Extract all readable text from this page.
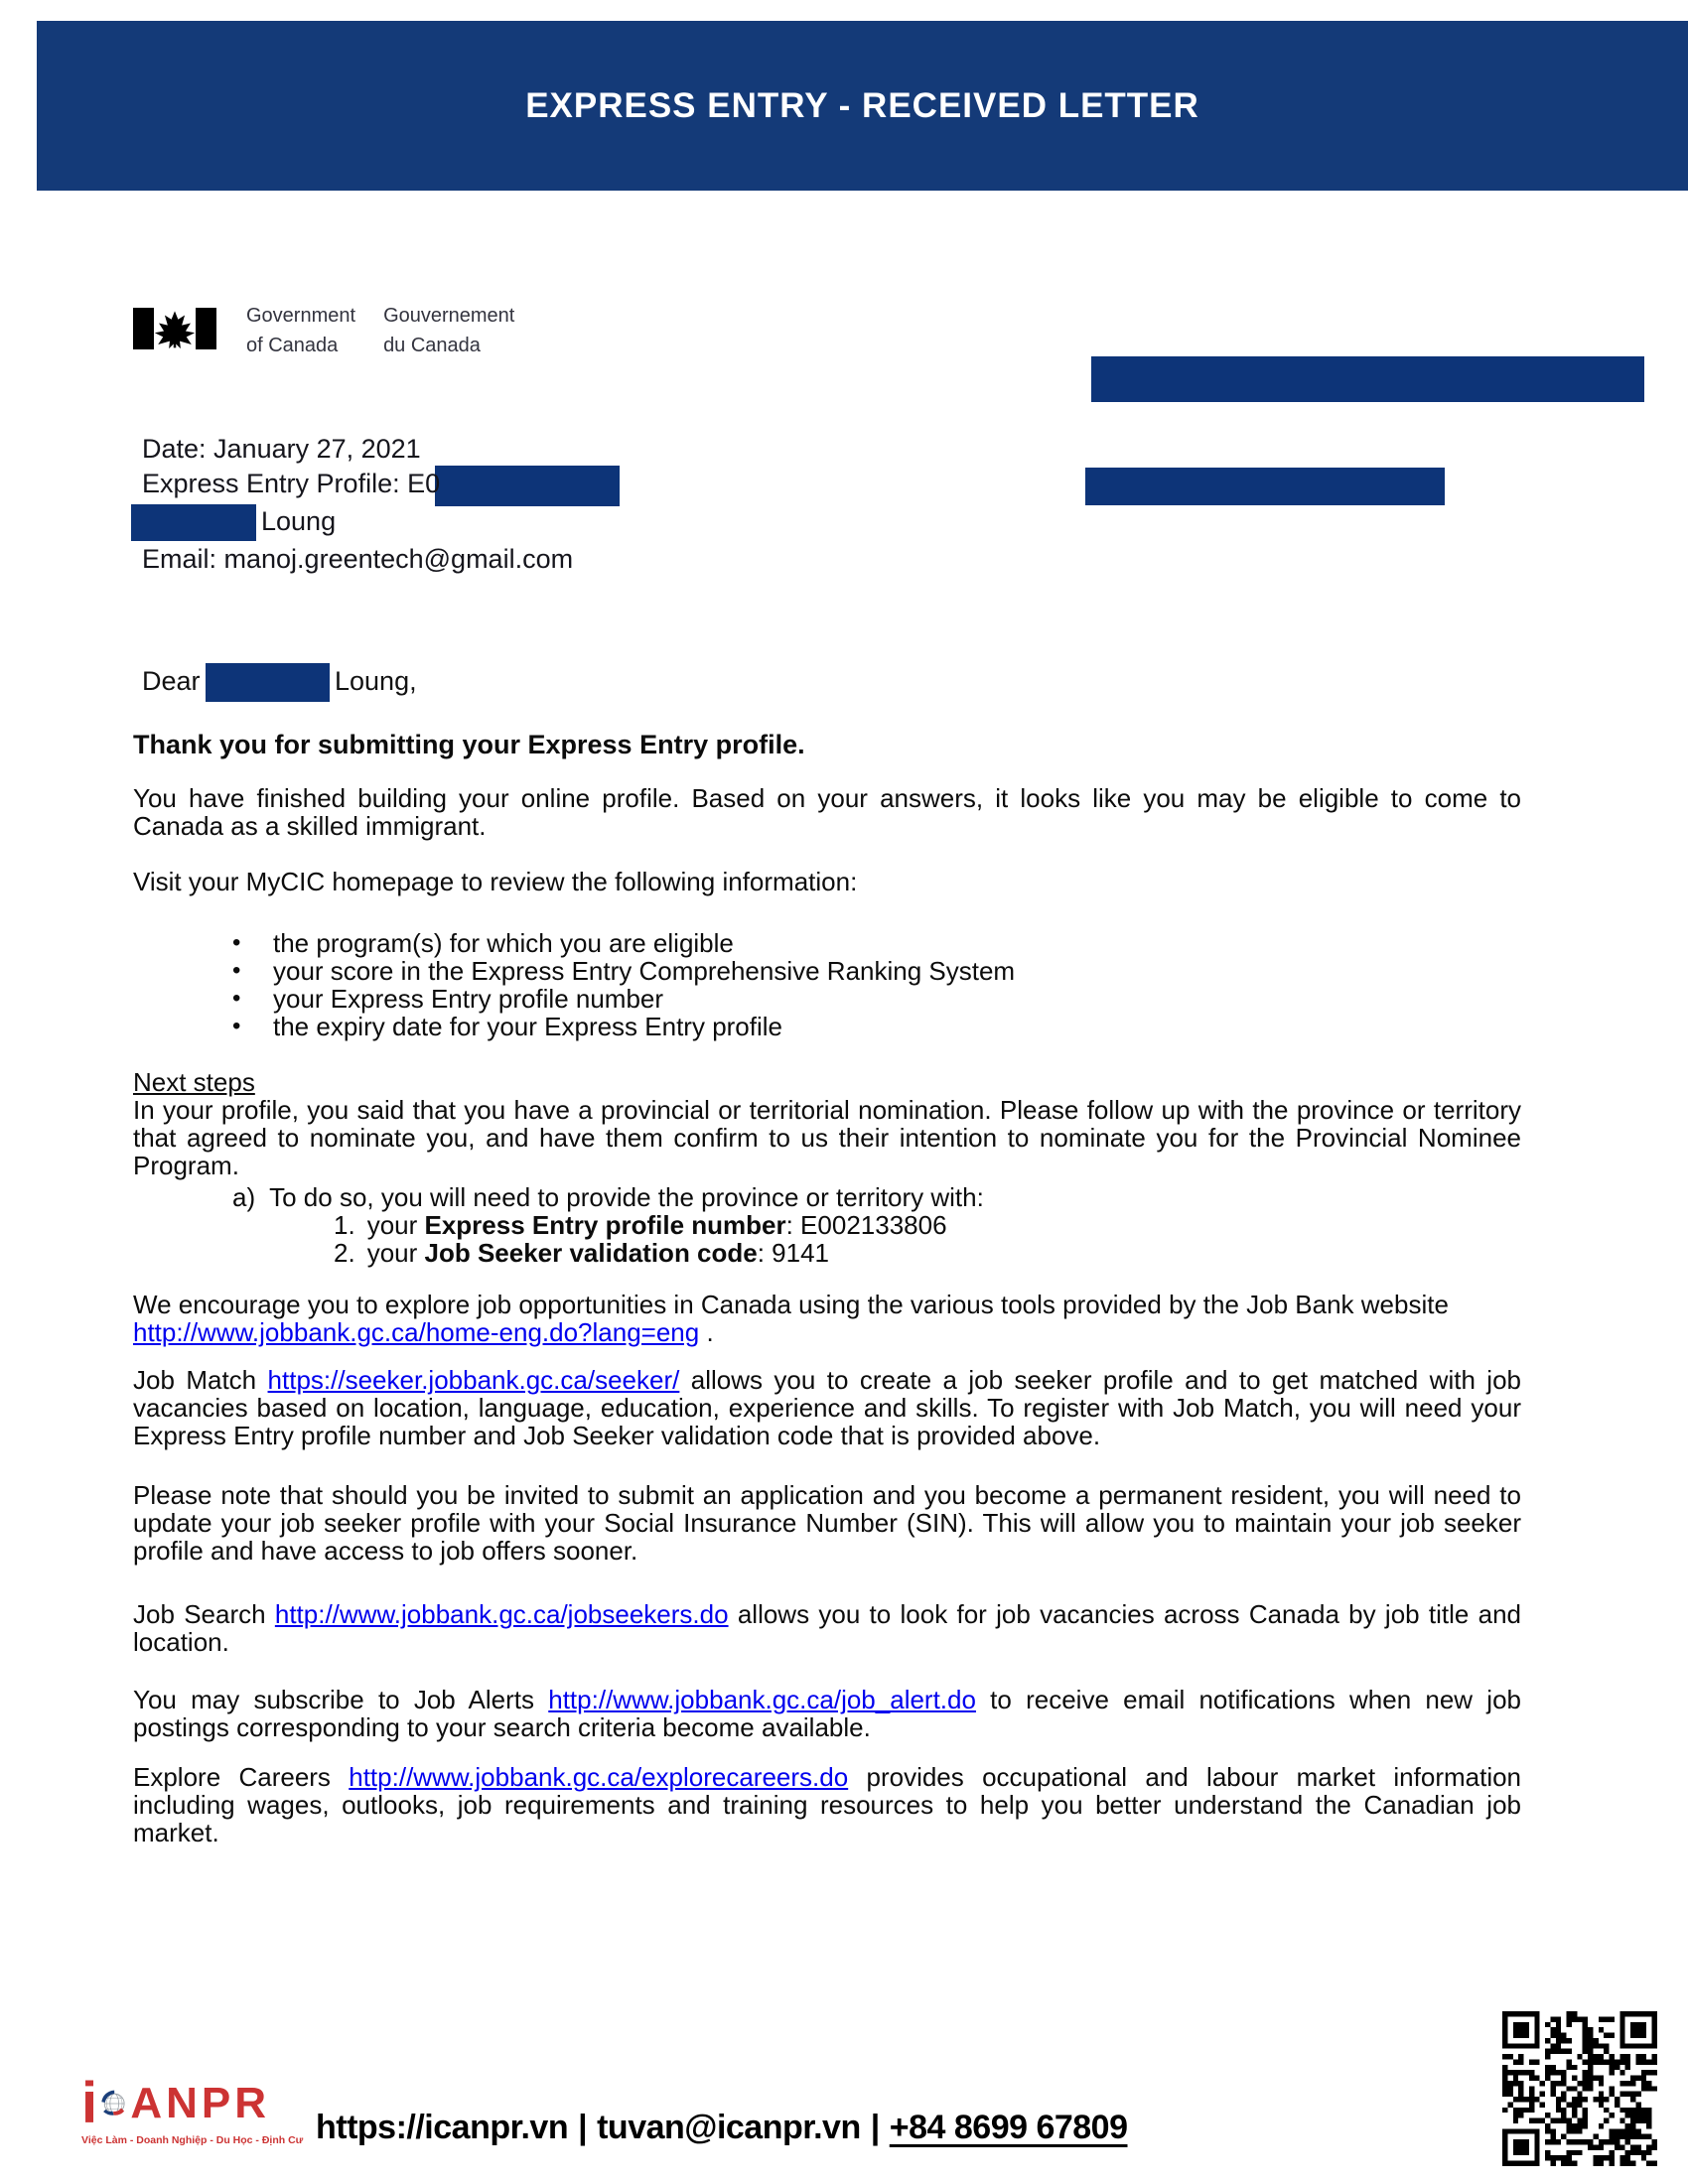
EXPRESS ENTRY - RECEIVED LETTER
Government
of Canada
Gouvernement
du Canada
Date: January 27, 2021
Express Entry Profile: E0
Loung
Email: manoj.greentech@gmail.com
Dear	Loung,
Thank you for submitting your Express Entry profile.
You have finished building your online profile. Based on your answers, it looks like you may be eligible to come to Canada as a skilled immigrant.
Visit your MyCIC homepage to review the following information:
• the program(s) for which you are eligible
• your score in the Express Entry Comprehensive Ranking System
• your Express Entry profile number
• the expiry date for your Express Entry profile
Next steps
In your profile, you said that you have a provincial or territorial nomination. Please follow up with the province or territory that agreed to nominate you, and have them confirm to us their intention to nominate you for the Provincial Nominee Program.
a) To do so, you will need to provide the province or territory with:
1. your Express Entry profile number: E002133806
2. your Job Seeker validation code: 9141
We encourage you to explore job opportunities in Canada using the various tools provided by the Job Bank website
http://www.jobbank.gc.ca/home-eng.do?lang=eng .
Job Match https://seeker.jobbank.gc.ca/seeker/ allows you to create a job seeker profile and to get matched with job vacancies based on location, language, education, experience and skills. To register with Job Match, you will need your Express Entry profile number and Job Seeker validation code that is provided above.
Please note that should you be invited to submit an application and you become a permanent resident, you will need to update your job seeker profile with your Social Insurance Number (SIN). This will allow you to maintain your job seeker profile and have access to job offers sooner.
Job Search http://www.jobbank.gc.ca/jobseekers.do allows you to look for job vacancies across Canada by job title and location.
You may subscribe to Job Alerts http://www.jobbank.gc.ca/job_alert.do to receive email notifications when new job postings corresponding to your search criteria become available.
Explore Careers http://www.jobbank.gc.ca/explorecareers.do provides occupational and labour market information including wages, outlooks, job requirements and training resources to help you better understand the Canadian job market.
i ANPR
Việc Làm - Doanh Nghiệp - Du Học - Định Cư https://icanpr.vn | tuvan@icanpr.vn | +84 8699 67809
